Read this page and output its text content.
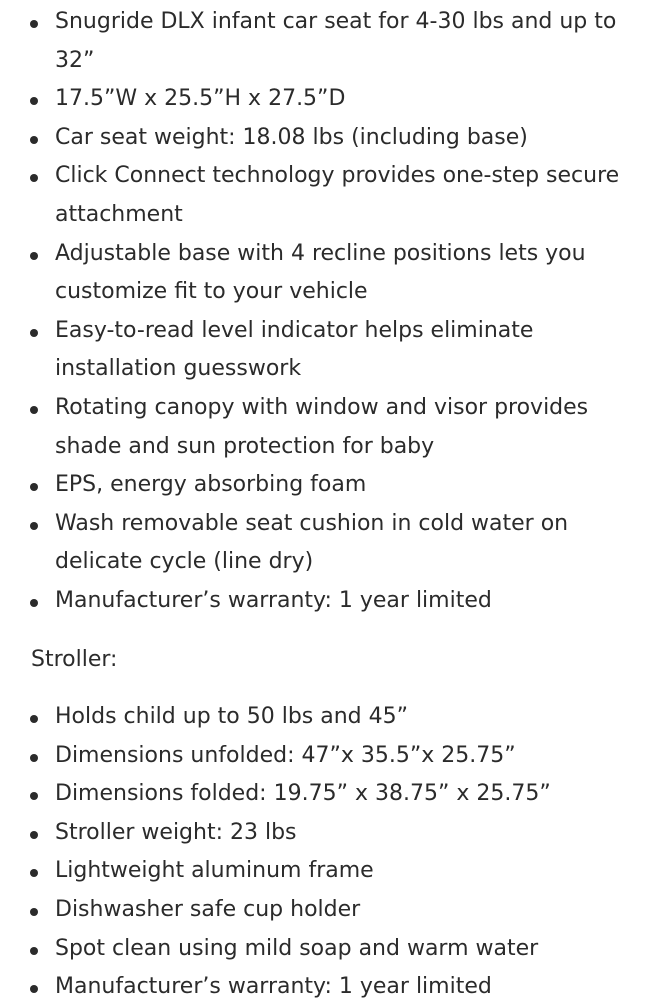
Snugride DLX infant car seat for 4-30 lbs and up to 32”
17.5”W x 25.5”H x 27.5”D
Car seat weight: 18.08 lbs (including base)
Click Connect technology provides one-step secure attachment
Adjustable base with 4 recline positions lets you customize fit to your vehicle
Easy-to-read level indicator helps eliminate installation guesswork
Rotating canopy with window and visor provides shade and sun protection for baby
EPS, energy absorbing foam
Wash removable seat cushion in cold water on delicate cycle (line dry)
Manufacturer’s warranty: 1 year limited

Stroller:

Holds child up to 50 lbs and 45”
Dimensions unfolded: 47”x 35.5”x 25.75”
Dimensions folded: 19.75” x 38.75” x 25.75”
Stroller weight: 23 lbs
Lightweight aluminum frame
Dishwasher safe cup holder
Spot clean using mild soap and warm water
Manufacturer’s warranty: 1 year limited
